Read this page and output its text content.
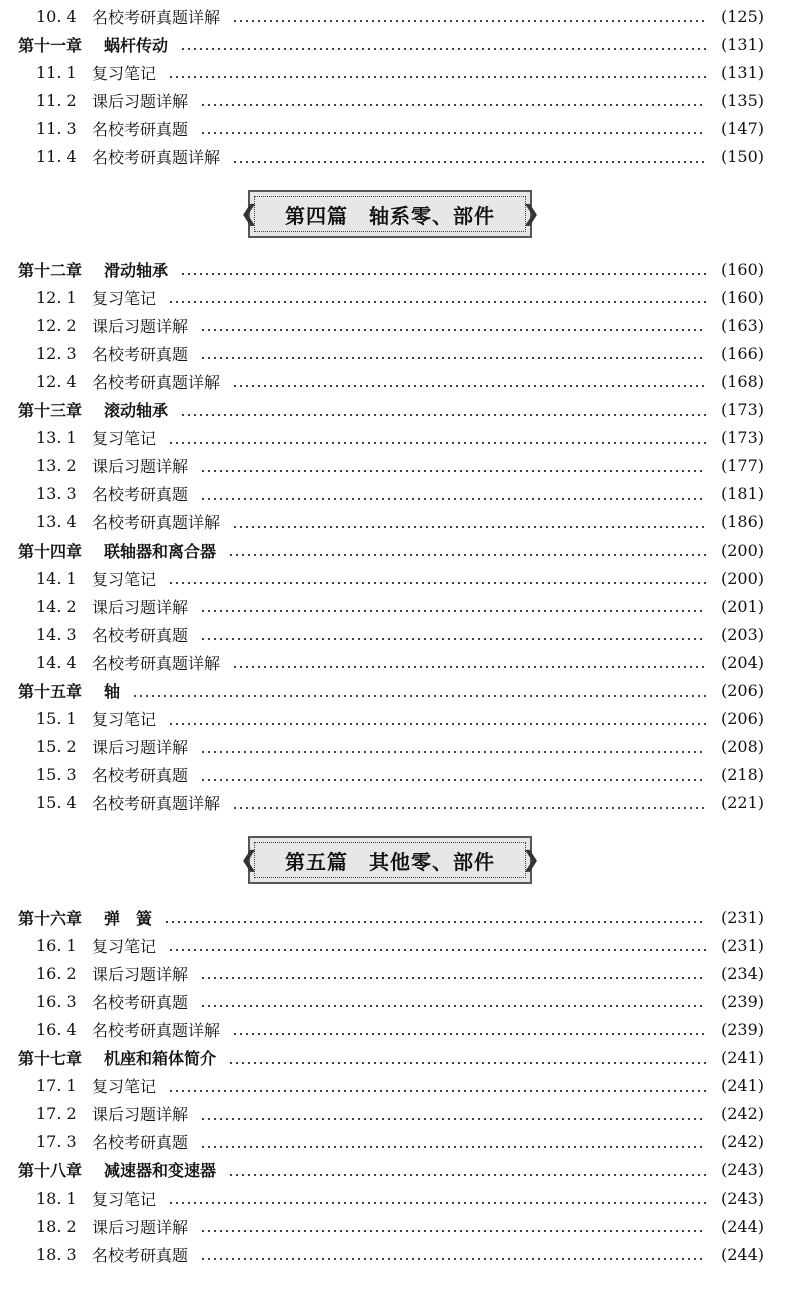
10. 4 名校考研真题详解	(125)
第十一章 蜗杆传动	(131)
11. 1 复习笔记	(131)
11. 2 课后习题详解	(135)
11. 3 名校考研真题	(147)
11. 4 名校考研真题详解	(150)
❮ 第四篇　轴系零、部件 ❯
第十二章 滑动轴承	(160)
12. 1 复习笔记	(160)
12. 2 课后习题详解	(163)
12. 3 名校考研真题	(166)
12. 4 名校考研真题详解	(168)
第十三章 滚动轴承	(173)
13. 1 复习笔记	(173)
13. 2 课后习题详解	(177)
13. 3 名校考研真题	(181)
13. 4 名校考研真题详解	(186)
第十四章 联轴器和离合器	(200)
14. 1 复习笔记	(200)
14. 2 课后习题详解	(201)
14. 3 名校考研真题	(203)
14. 4 名校考研真题详解	(204)
第十五章 轴	(206)
15. 1 复习笔记	(206)
15. 2 课后习题详解	(208)
15. 3 名校考研真题	(218)
15. 4 名校考研真题详解	(221)
❮ 第五篇　其他零、部件 ❯
第十六章 弹　簧	(231)
16. 1 复习笔记	(231)
16. 2 课后习题详解	(234)
16. 3 名校考研真题	(239)
16. 4 名校考研真题详解	(239)
第十七章 机座和箱体简介	(241)
17. 1 复习笔记	(241)
17. 2 课后习题详解	(242)
17. 3 名校考研真题	(242)
第十八章 减速器和变速器	(243)
18. 1 复习笔记	(243)
18. 2 课后习题详解	(244)
18. 3 名校考研真题	(244)
